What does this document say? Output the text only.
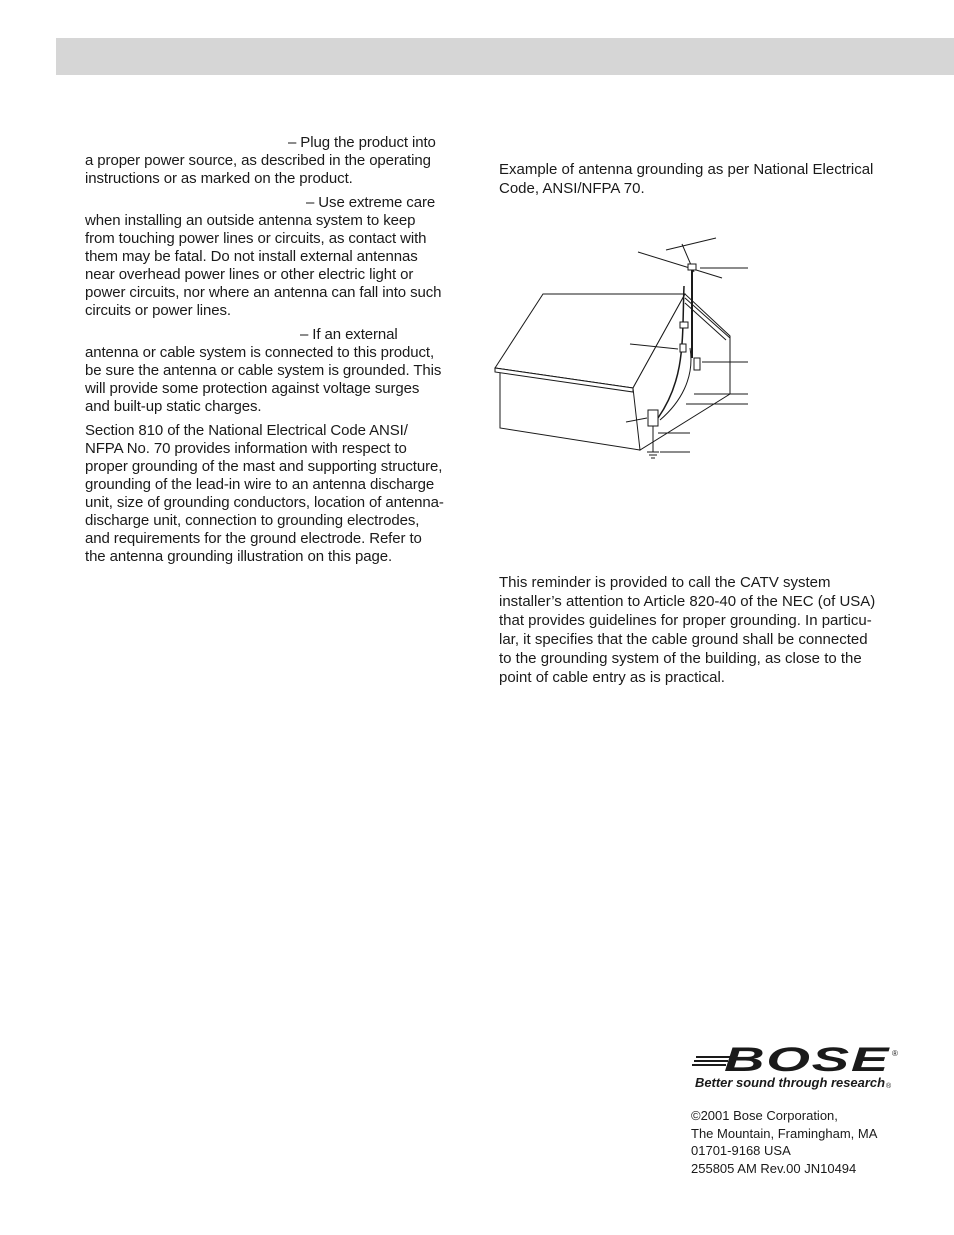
– Plug the product into a proper power source, as described in the operating instructions or as marked on the product.

– Use extreme care when installing an outside antenna system to keep from touching power lines or circuits, as contact with them may be fatal. Do not install external antennas near overhead power lines or other electric light or power circuits, nor where an antenna can fall into such circuits or power lines.

– If an external antenna or cable system is connected to this product, be sure the antenna or cable system is grounded. This will provide some protection against voltage surges and built-up static charges.

Section 810 of the National Electrical Code ANSI/ NFPA No. 70 provides information with respect to proper grounding of the mast and supporting structure, grounding of the lead-in wire to an antenna discharge unit, size of grounding conductors, location of antenna-discharge unit, connection to grounding electrodes, and requirements for the ground electrode. Refer to the antenna grounding illustration on this page.

Example of antenna grounding as per National Electrical Code, ANSI/NFPA 70.

This reminder is provided to call the CATV system installer’s attention to Article 820-40 of the NEC (of USA) that provides guidelines for proper grounding. In particu- lar, it specifies that the cable ground shall be connected to the grounding system of the building, as close to the point of cable entry as is practical.

BOSE ®
Better sound through research ®
©2001 Bose Corporation,
The Mountain, Framingham, MA
01701-9168 USA
255805 AM Rev.00 JN10494
